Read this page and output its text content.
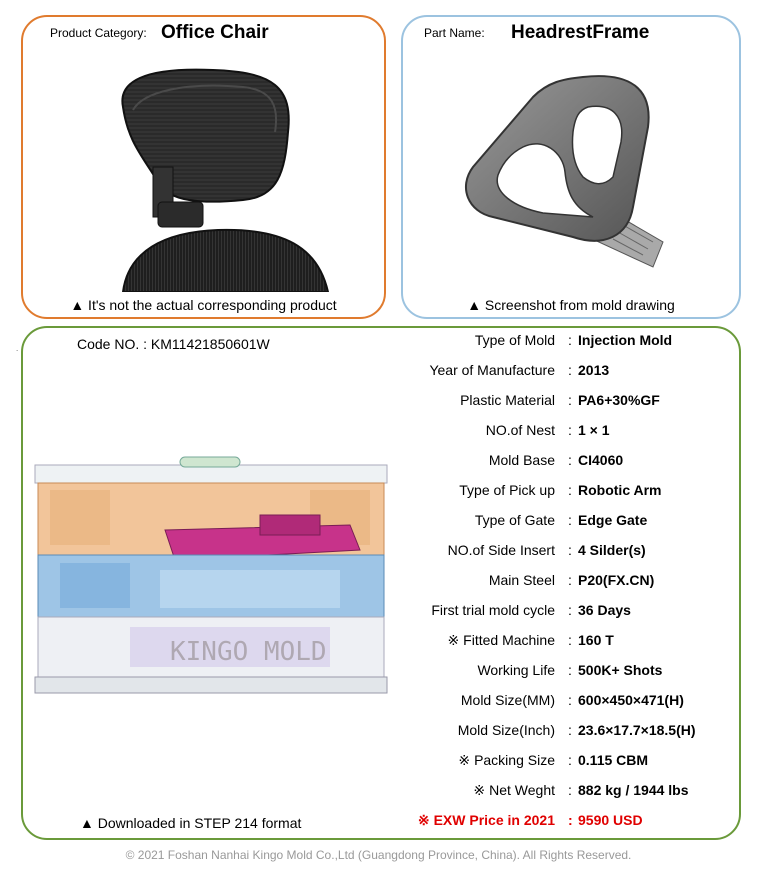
.
Product Category: Office Chair
▲ It's not the actual corresponding product
Part Name: HeadrestFrame
▲ Screenshot from mold drawing
Code NO. : KM11421850601W
KINGO MOLD
▲ Downloaded in STEP 214 format
Type of Mold : Injection Mold
Year of Manufacture : 2013
Plastic Material : PA6+30%GF
NO.of Nest : 1 × 1
Mold Base : CI4060
Type of Pick up : Robotic Arm
Type of Gate : Edge Gate
NO.of Side Insert : 4 Silder(s)
Main Steel : P20(FX.CN)
First trial mold cycle : 36 Days
※ Fitted Machine : 160 T
Working Life : 500K+ Shots
Mold Size(MM) : 600×450×471(H)
Mold Size(Inch) : 23.6×17.7×18.5(H)
※ Packing Size : 0.115 CBM
※ Net Weght : 882 kg / 1944 lbs
※ EXW Price in 2021 : 9590 USD
© 2021 Foshan Nanhai Kingo Mold Co.,Ltd (Guangdong Province, China). All Rights Reserved.
